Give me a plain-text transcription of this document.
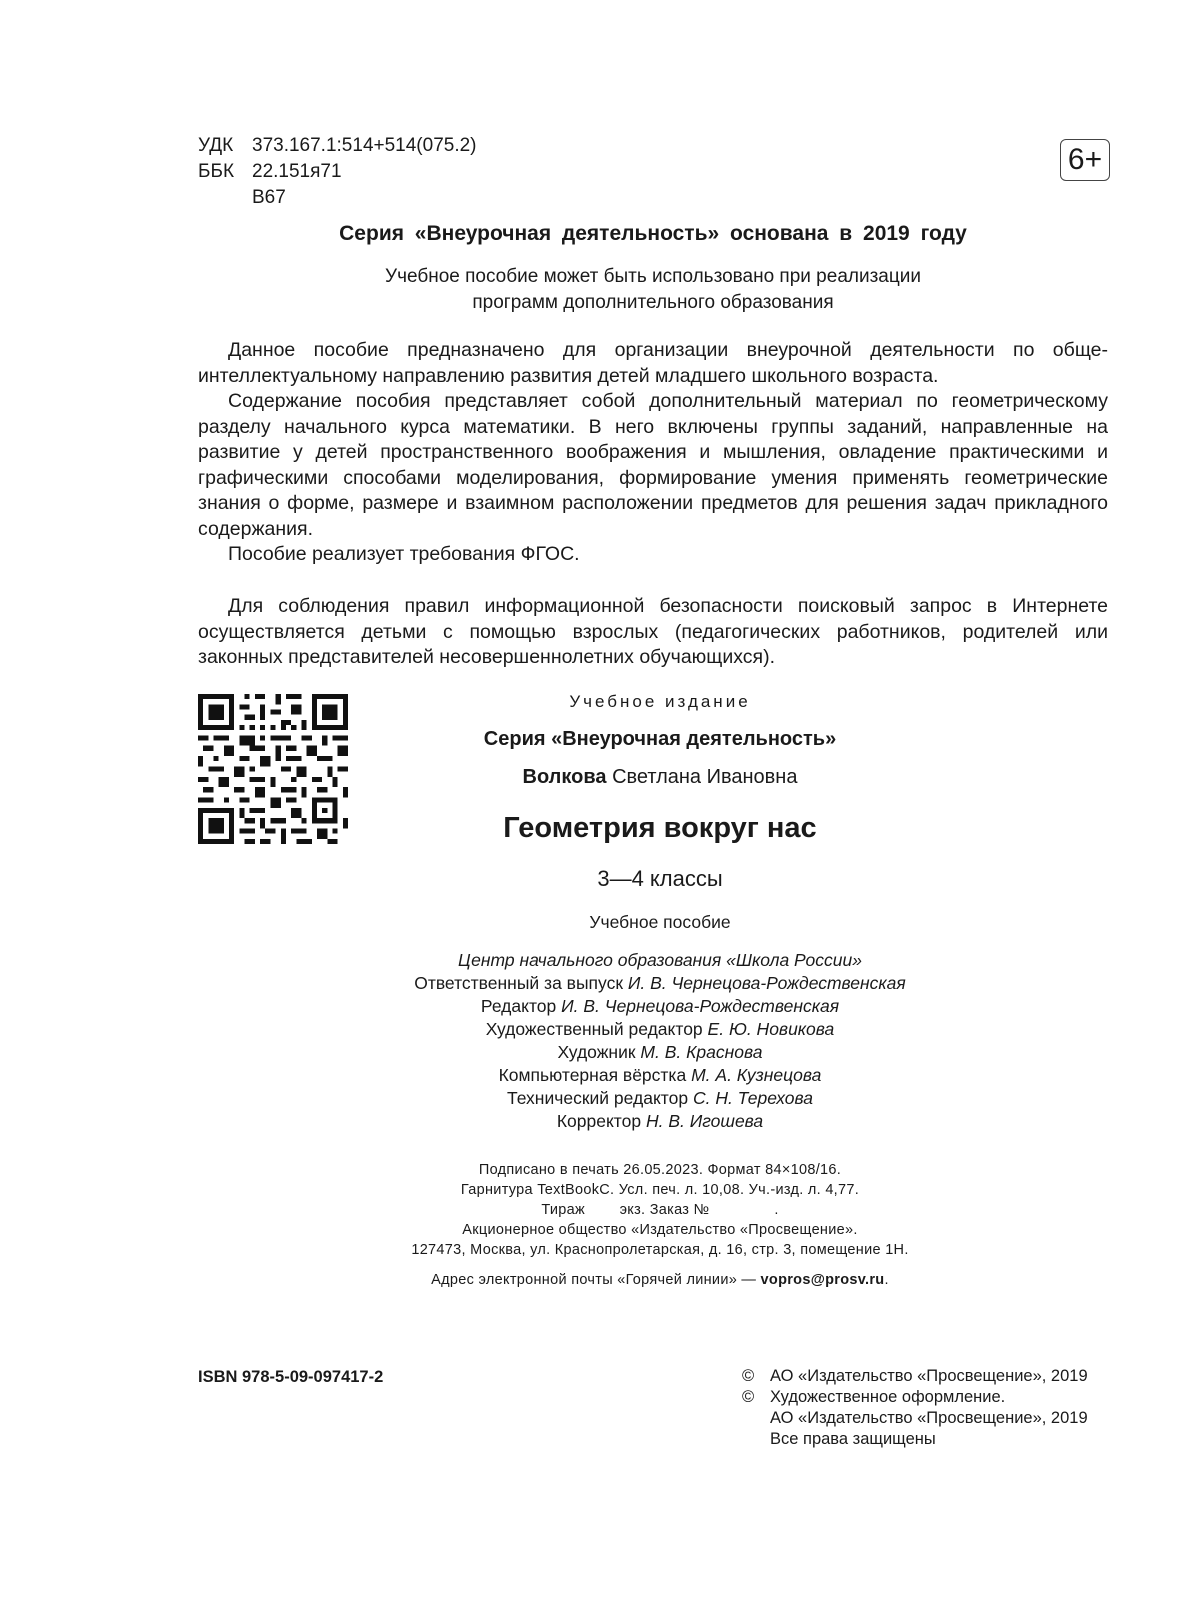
УДК 373.167.1:514+514(075.2)
ББК 22.151я71
В67
6+
Серия «Внеурочная деятельность» основана в 2019 году
Учебное пособие может быть использовано при реализации
программ дополнительного образования

Данное пособие предназначено для организации внеурочной деятельности по общеинтеллектуальному направлению развития детей младшего школьного возраста.

Содержание пособия представляет собой дополнительный материал по геометрическому разделу начального курса математики. В него включены группы заданий, направленные на развитие у детей пространственного воображения и мышления, овладение практическими и графическими способами моделирования, формирование умения применять геометрические знания о форме, размере и взаимном расположении предметов для решения задач прикладного содержания.

Пособие реализует требования ФГОС.

Для соблюдения правил информационной безопасности поисковый запрос в Интернете осуществляется детьми с помощью взрослых (педагогических работников, родителей или законных представителей несовершеннолетних обучающихся).

Учебное издание
Серия «Внеурочная деятельность»
Волкова Светлана Ивановна
Геометрия вокруг нас
3—4 классы
Учебное пособие
Центр начального образования «Школа России»
Ответственный за выпуск И. В. Чернецова-Рождественская
Редактор И. В. Чернецова-Рождественская
Художественный редактор Е. Ю. Новикова
Художник М. В. Краснова
Компьютерная вёрстка М. А. Кузнецова
Технический редактор С. Н. Терехова
Корректор Н. В. Игошева
Подписано в печать 26.05.2023. Формат 84×108/16.
Гарнитура TextBookC. Усл. печ. л. 10,08. Уч.-изд. л. 4,77.
Тираж        экз. Заказ №               .
Акционерное общество «Издательство «Просвещение».
127473, Москва, ул. Краснопролетарская, д. 16, стр. 3, помещение 1Н.
Адрес электронной почты «Горячей линии» — vopros@prosv.ru.
ISBN 978-5-09-097417-2	© АО «Издательство «Просвещение», 2019
© Художественное оформление.
АО «Издательство «Просвещение», 2019
Все права защищены
